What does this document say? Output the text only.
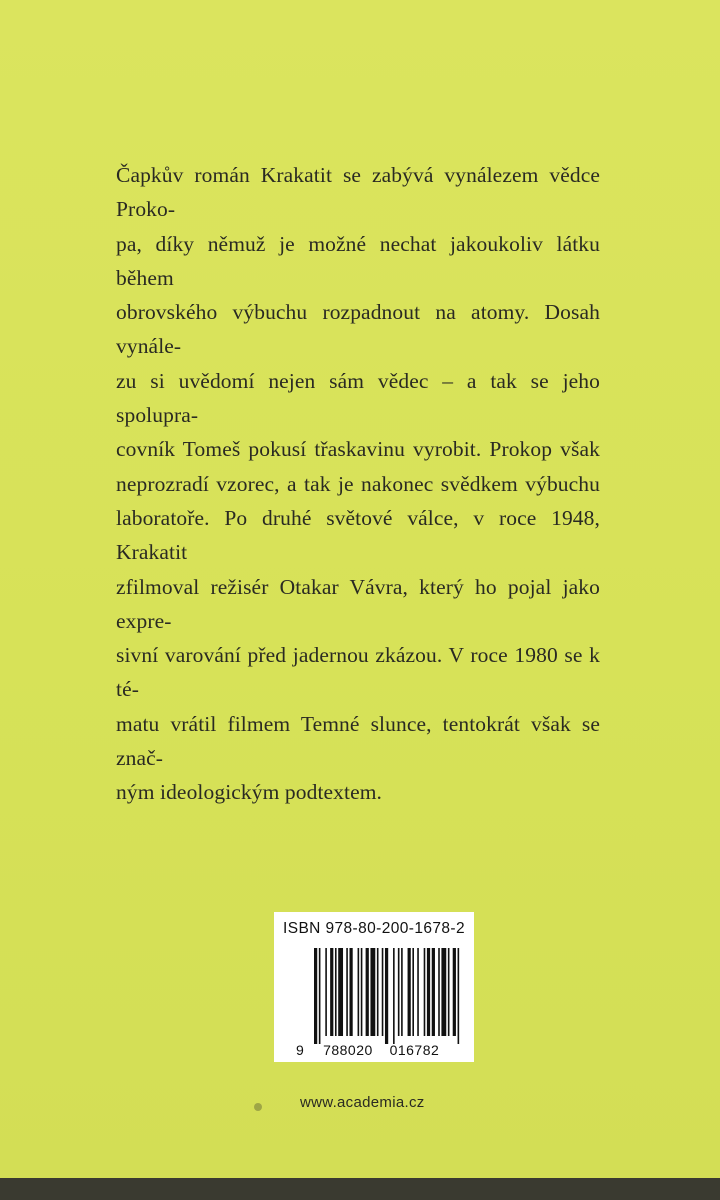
Čapkův román Krakatit se zabývá vynálezem vědce Proko-
pa, díky němuž je možné nechat jakoukoliv látku během
obrovského výbuchu rozpadnout na atomy. Dosah vynále-
zu si uvědomí nejen sám vědec – a tak se jeho spolupra-
covník Tomeš pokusí třaskavinu vyrobit. Prokop však
neprozradí vzorec, a tak je nakonec svědkem výbuchu
laboratoře. Po druhé světové válce, v roce 1948, Krakatit
zfilmoval režisér Otakar Vávra, který ho pojal jako expre-
sivní varování před jadernou zkázou. V roce 1980 se k té-
matu vrátil filmem Temné slunce, tentokrát však se znač-
ným ideologickým podtextem.
ISBN 978-80-200-1678-2
9 788020 016782
www.academia.cz
